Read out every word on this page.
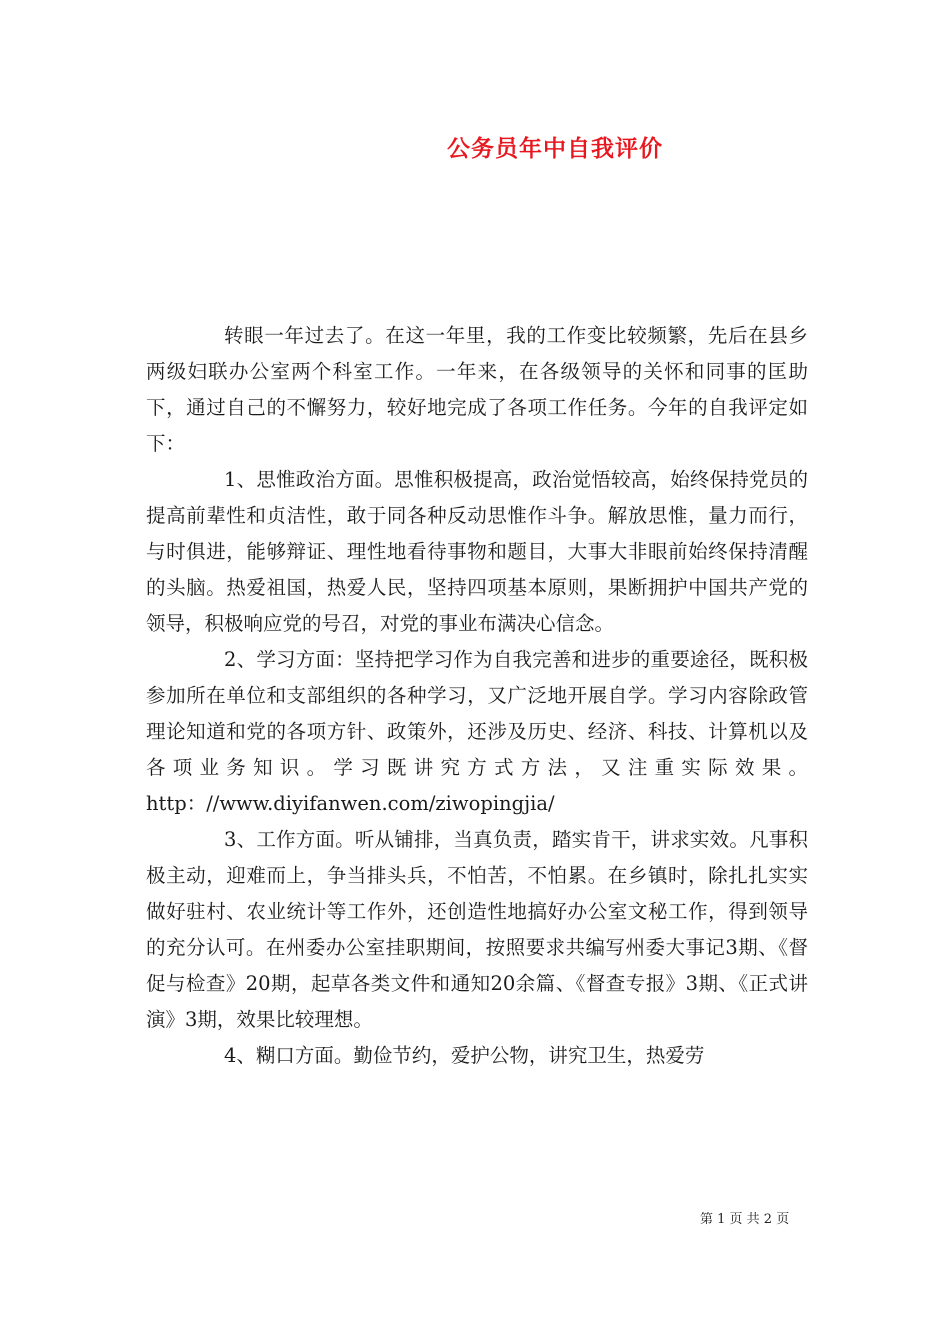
公务员年中自我评价

转眼一年过去了。在这一年里，我的工作变比较频繁，先后在县乡两级妇联办公室两个科室工作。一年来，在各级领导的关怀和同事的匡助下，通过自己的不懈努力，较好地完成了各项工作任务。今年的自我评定如下：

1、思惟政治方面。思惟积极提高，政治觉悟较高，始终保持党员的提高前辈性和贞洁性，敢于同各种反动思惟作斗争。解放思惟，量力而行，与时俱进，能够辩证、理性地看待事物和题目，大事大非眼前始终保持清醒的头脑。热爱祖国，热爱人民，坚持四项基本原则，果断拥护中国共产党的领导，积极响应党的号召，对党的事业布满决心信念。

2、学习方面：坚持把学习作为自我完善和进步的重要途径，既积极参加所在单位和支部组织的各种学习，又广泛地开展自学。学习内容除政管理论知道和党的各项方针、政策外，还涉及历史、经济、科技、计算机以及各项业务知识。学习既讲究方式方法，又注重实际效果。http：//www.diyifanwen.com/ziwopingjia/

3、工作方面。听从铺排，当真负责，踏实肯干，讲求实效。凡事积极主动，迎难而上，争当排头兵，不怕苦，不怕累。在乡镇时，除扎扎实实做好驻村、农业统计等工作外，还创造性地搞好办公室文秘工作，得到领导的充分认可。在州委办公室挂职期间，按照要求共编写州委大事记3期、《督促与检查》20期，起草各类文件和通知20余篇、《督查专报》3期、《正式讲演》3期，效果比较理想。

4、糊口方面。勤俭节约，爱护公物，讲究卫生，热爱劳

第 1 页 共 2 页
